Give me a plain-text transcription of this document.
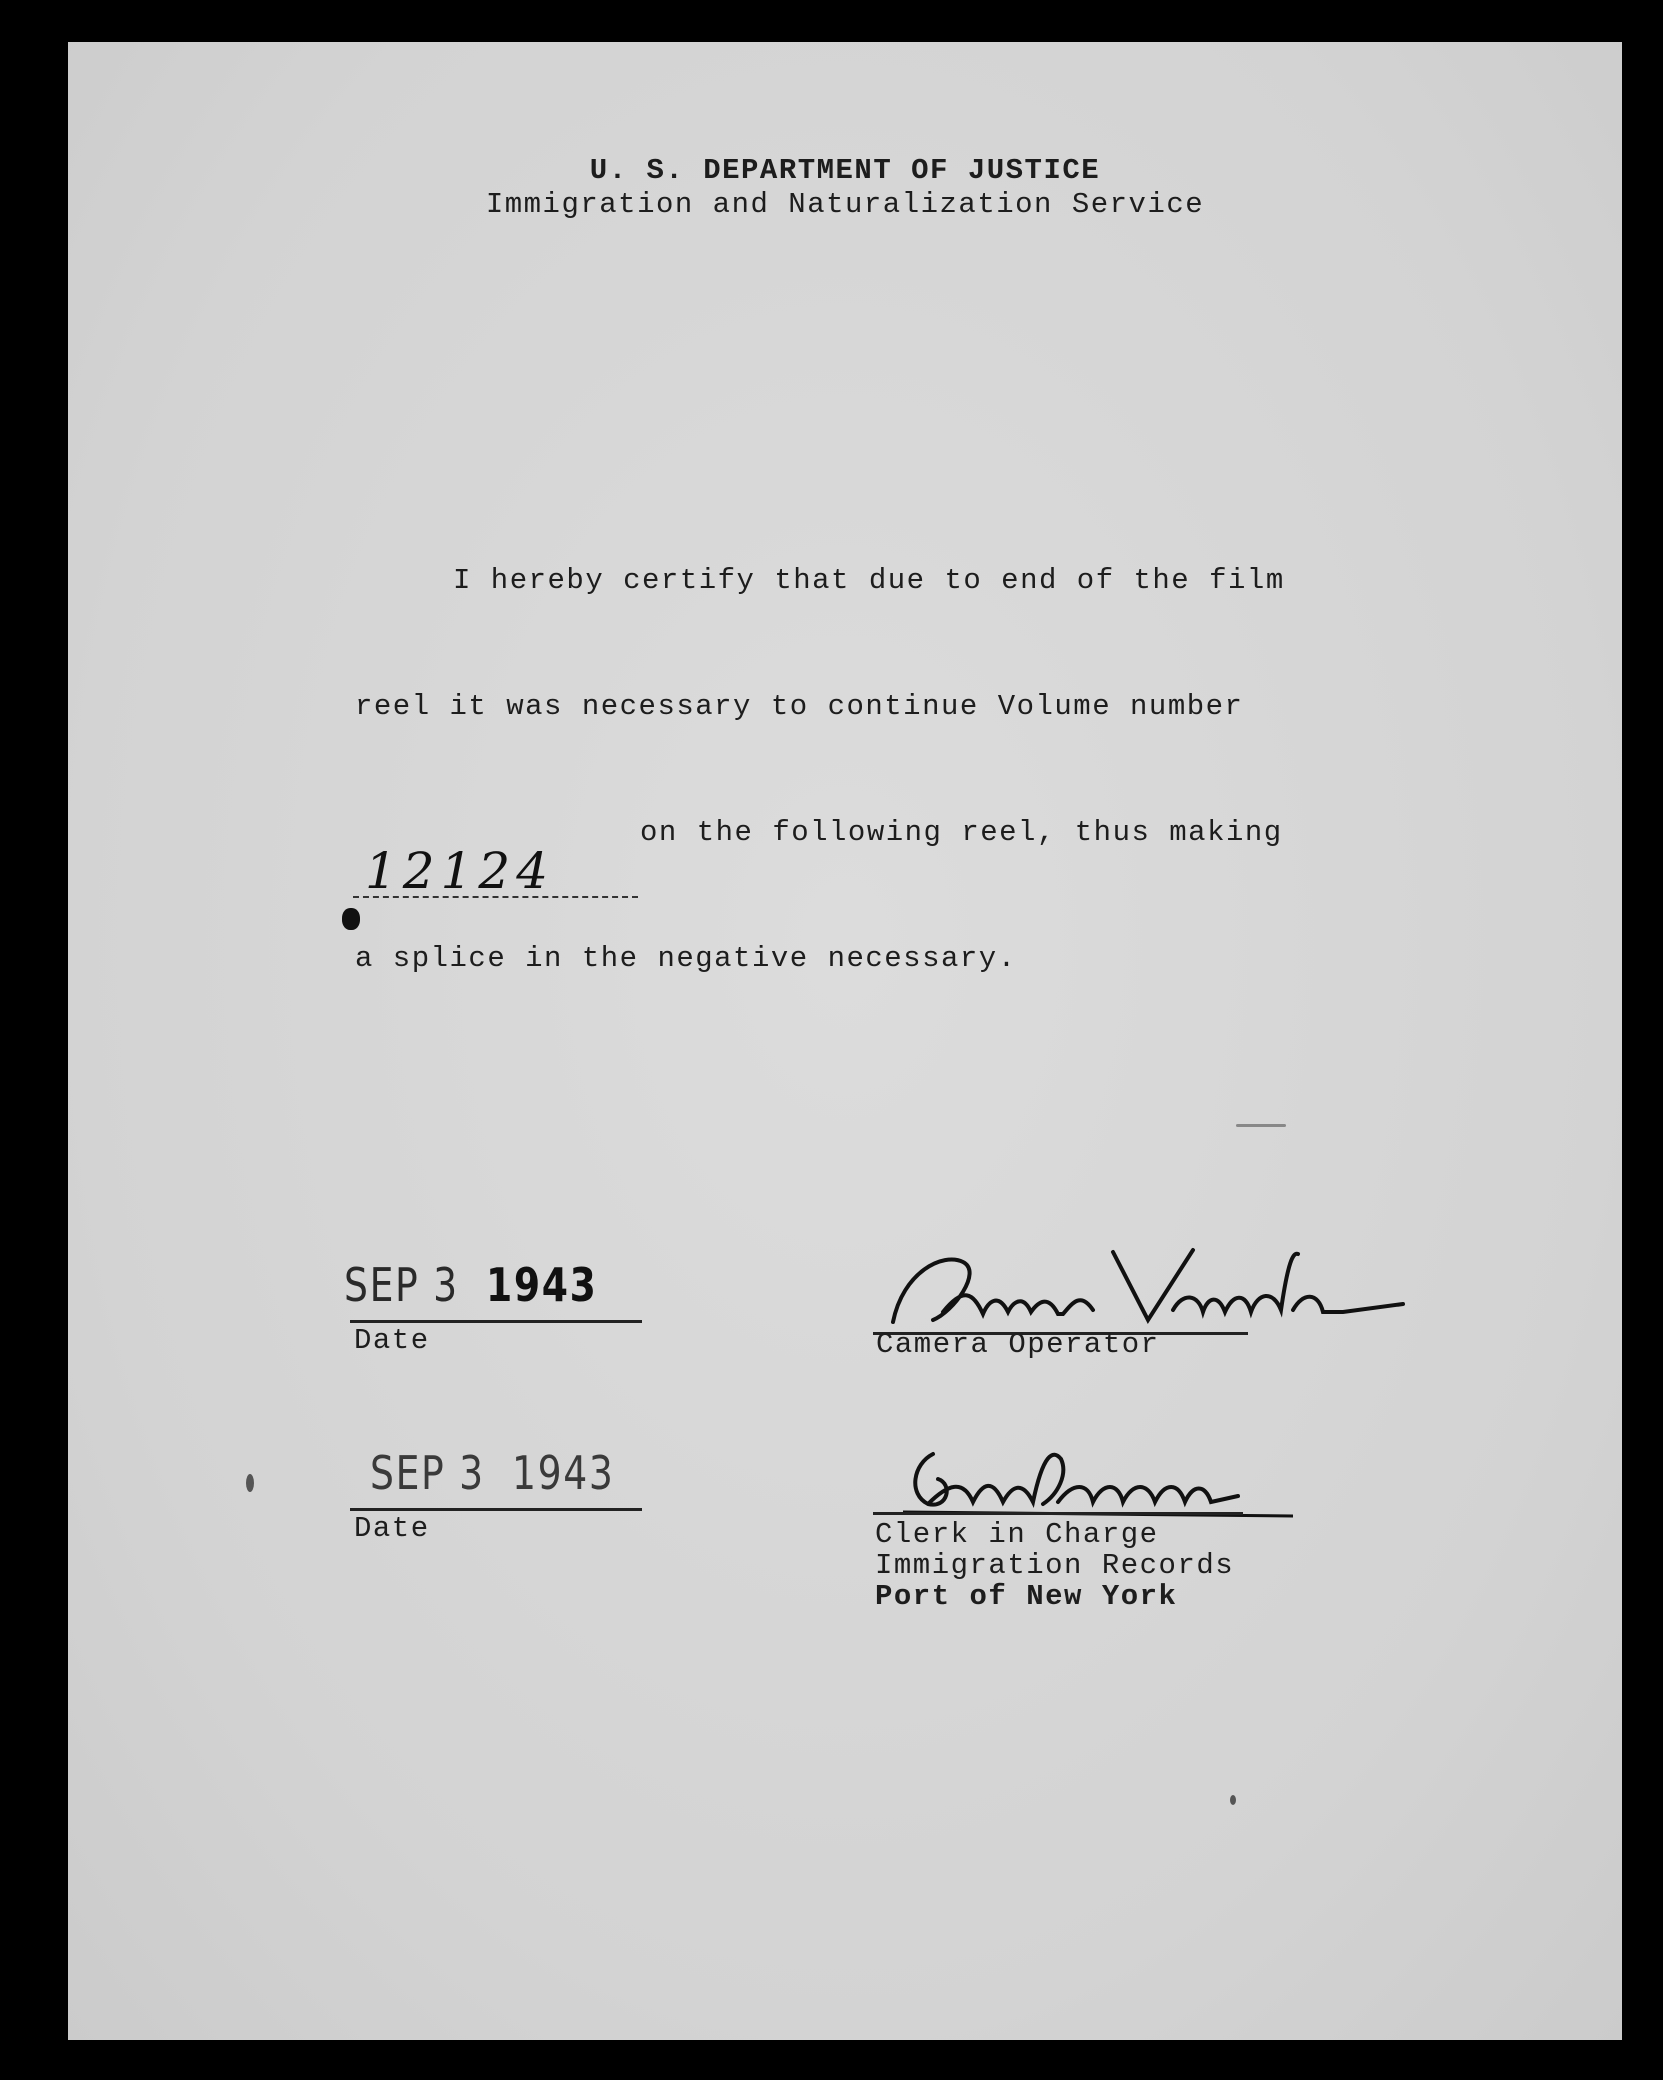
U. S. DEPARTMENT OF JUSTICE
Immigration and Naturalization Service
I hereby certify that due to end of the film
reel it was necessary to continue Volume number
12124
on the following reel, thus making
a splice in the negative necessary.
SEP 3 1943
Date	Camera Operator
SEP 3 1943
Date	Clerk in Charge
Immigration Records
Port of New York
